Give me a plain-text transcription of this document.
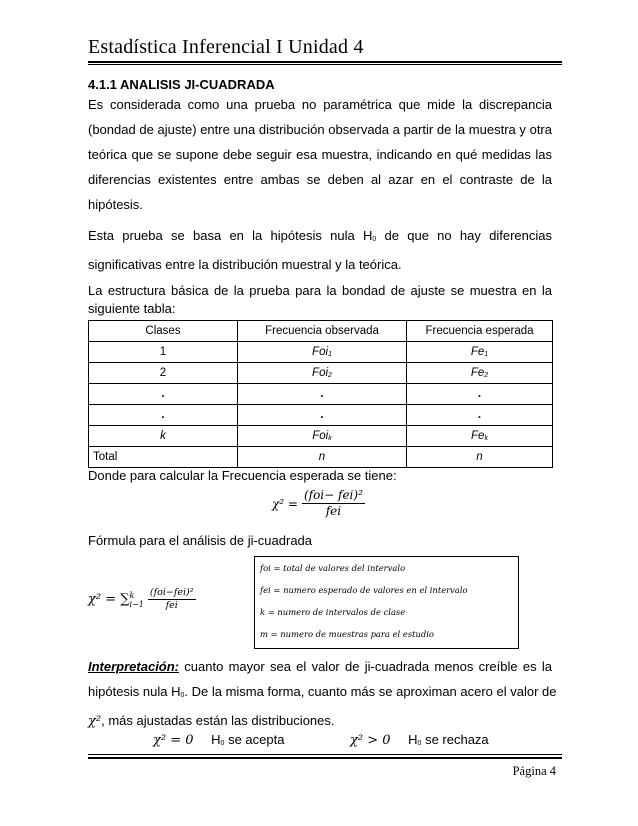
Estadística Inferencial I Unidad 4
4.1.1 ANALISIS JI-CUADRADA
Es considerada como una prueba no paramétrica que mide la discrepancia
(bondad de ajuste) entre una distribución observada a partir de la muestra y otra
teórica que se supone debe seguir esa muestra, indicando en qué medidas las
diferencias existentes entre ambas se deben al azar en el contraste de la
hipótesis.
Esta prueba se basa en la hipótesis nula $H_0$ de que no hay diferencias
significativas entre la distribución muestral y la teórica.
La estructura básica de la prueba para la bondad de ajuste se muestra en la
siguiente tabla:
Clases	Frecuencia observada	Frecuencia esperada
1	Foi$_1$	$Fe_1$
2	Foi$_2$	$Fe_2$
.	.	.
.	.	.
k	Foi$_k$	$Fe_k$
Total	n	n
Donde para calcular la Frecuencia esperada se tiene:
$\chi^2 = \frac{\text{(foi− fei)²}}{\text{fei}}$
Fórmula para el análisis de ji-cuadrada
χ² = ∑ k
$i-1 \frac{\text{(foi−fei)²}}{\text{fei}}$
foi = total de valores del intervalo
fei = numero esperado de valores en el intervalo
k = numero de intervalos de clase
m = numero de muestras para el estudio
Interpretación: cuanto mayor sea el valor de ji-cuadrada menos creíble es la
hipótesis nula $H_0$. De la misma forma, cuanto más se aproximan acero el valor de
χ², más ajustadas están las distribuciones.
χ² = 0 $H_0$ se acepta	χ² > 0 $H_0$ se rechaza
Página 4
